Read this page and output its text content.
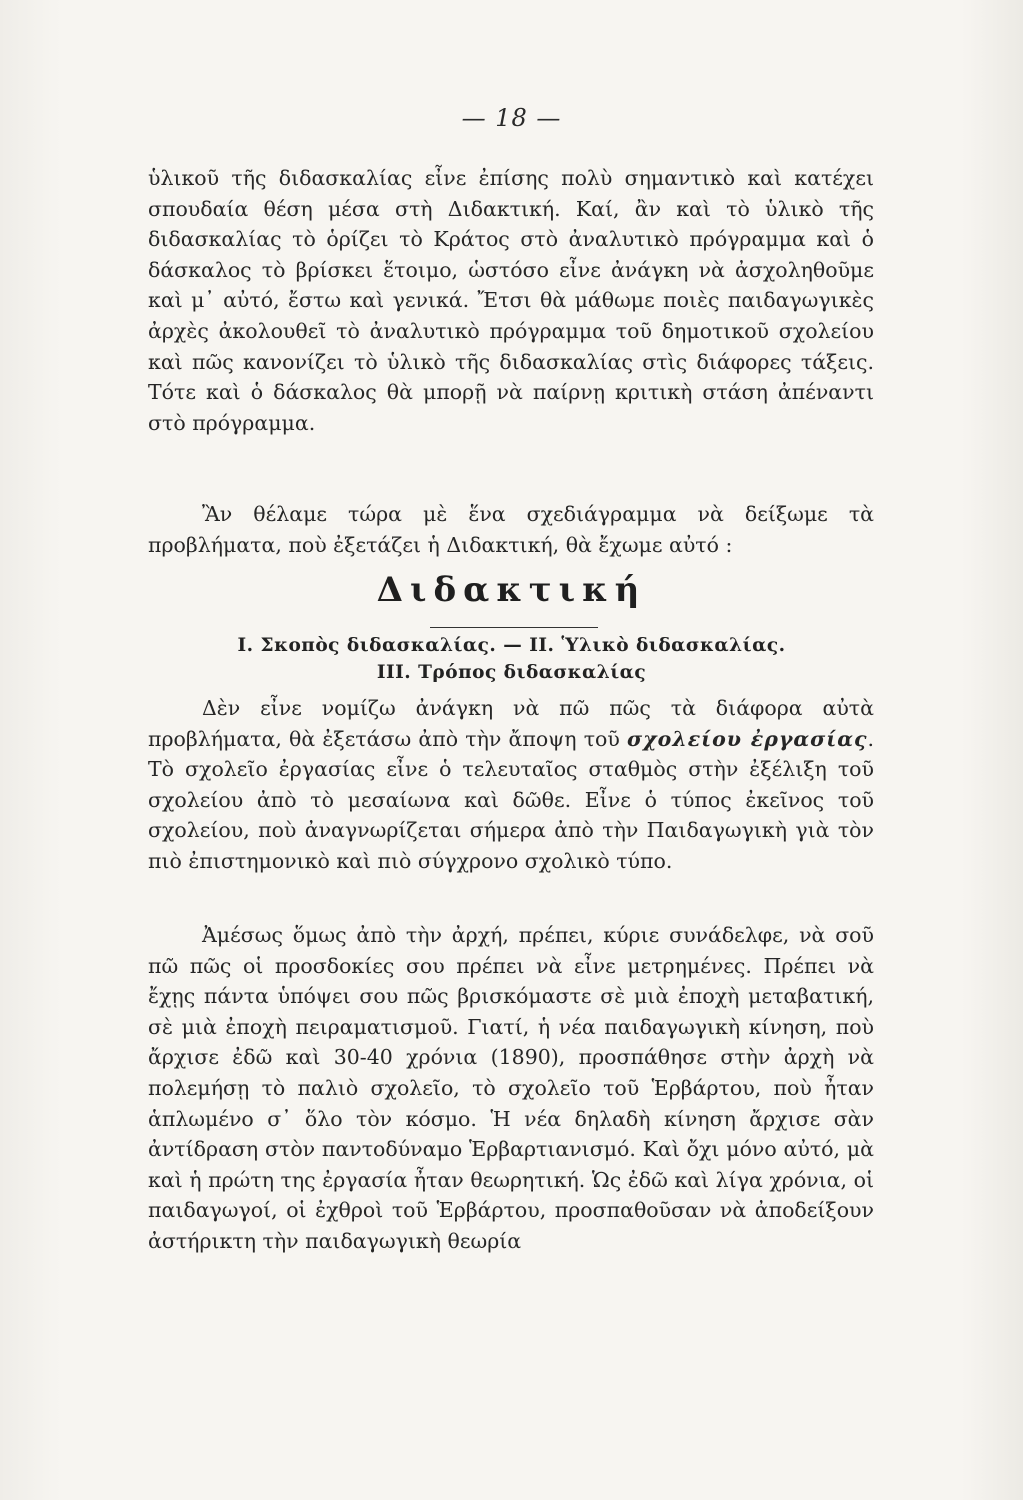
— 18 —

ὑλικοῦ τῆς διδασκαλίας εἶνε ἐπίσης πολὺ σημαντικὸ καὶ κατέχει σπουδαία θέση μέσα στὴ Διδακτική. Καί, ἂν καὶ τὸ ὑλικὸ τῆς διδασκαλίας τὸ ὁρίζει τὸ Κράτος στὸ ἀναλυτικὸ πρόγραμμα καὶ ὁ δάσκαλος τὸ βρίσκει ἕτοιμο, ὡστόσο εἶνε ἀνάγκη νὰ ἀσχοληθοῦμε καὶ μ᾿ αὐτό, ἔστω καὶ γενικά. Ἔτσι θὰ μάθωμε ποιὲς παιδαγωγικὲς ἀρχὲς ἀκολουθεῖ τὸ ἀναλυτικὸ πρόγραμμα τοῦ δημοτικοῦ σχολείου καὶ πῶς κανονίζει τὸ ὑλικὸ τῆς διδασκαλίας στὶς διάφορες τάξεις. Τότε καὶ ὁ δάσκαλος θὰ μπορῇ νὰ παίρνῃ κριτικὴ στάση ἀπέναντι στὸ πρόγραμμα.

Ἂν θέλαμε τώρα μὲ ἕνα σχεδιάγραμμα νὰ δείξωμε τὰ προβλήματα, ποὺ ἐξετάζει ἡ Διδακτική, θὰ ἔχωμε αὐτό :

Διδακτική
I. Σκοπὸς διδασκαλίας. — II. Ὑλικὸ διδασκαλίας.
III. Τρόπος διδασκαλίας

Δὲν εἶνε νομίζω ἀνάγκη νὰ πῶ πῶς τὰ διάφορα αὐτὰ προβλήματα, θὰ ἐξετάσω ἀπὸ τὴν ἄποψη τοῦ σχολείου ἐργασίας. Τὸ σχολεῖο ἐργασίας εἶνε ὁ τελευταῖος σταθμὸς στὴν ἐξέλιξη τοῦ σχολείου ἀπὸ τὸ μεσαίωνα καὶ δῶθε. Εἶνε ὁ τύπος ἐκεῖνος τοῦ σχολείου, ποὺ ἀναγνωρίζεται σήμερα ἀπὸ τὴν Παιδαγωγικὴ γιὰ τὸν πιὸ ἐπιστημονικὸ καὶ πιὸ σύγχρονο σχολικὸ τύπο.

Ἀμέσως ὅμως ἀπὸ τὴν ἀρχή, πρέπει, κύριε συνάδελφε, νὰ σοῦ πῶ πῶς οἱ προσδοκίες σου πρέπει νὰ εἶνε μετρημένες. Πρέπει νὰ ἔχῃς πάντα ὑπόψει σου πῶς βρισκόμαστε σὲ μιὰ ἐποχὴ μεταβατική, σὲ μιὰ ἐποχὴ πειραματισμοῦ. Γιατί, ἡ νέα παιδαγωγικὴ κίνηση, ποὺ ἄρχισε ἐδῶ καὶ 30-40 χρόνια (1890), προσπάθησε στὴν ἀρχὴ νὰ πολεμήσῃ τὸ παλιὸ σχολεῖο, τὸ σχολεῖο τοῦ Ἑρβάρτου, ποὺ ἦταν ἁπλωμένο σ᾿ ὅλο τὸν κόσμο. Ἡ νέα δηλαδὴ κίνηση ἄρχισε σὰν ἀντίδραση στὸν παντοδύναμο Ἑρβαρτιανισμό. Καὶ ὄχι μόνο αὐτό, μὰ καὶ ἡ πρώτη της ἐργασία ἦταν θεωρητική. Ὡς ἐδῶ καὶ λίγα χρόνια, οἱ παιδαγωγοί, οἱ ἐχθροὶ τοῦ Ἑρβάρτου, προσπαθοῦσαν νὰ ἀποδείξουν ἀστήρικτη τὴν παιδαγωγικὴ θεωρία
